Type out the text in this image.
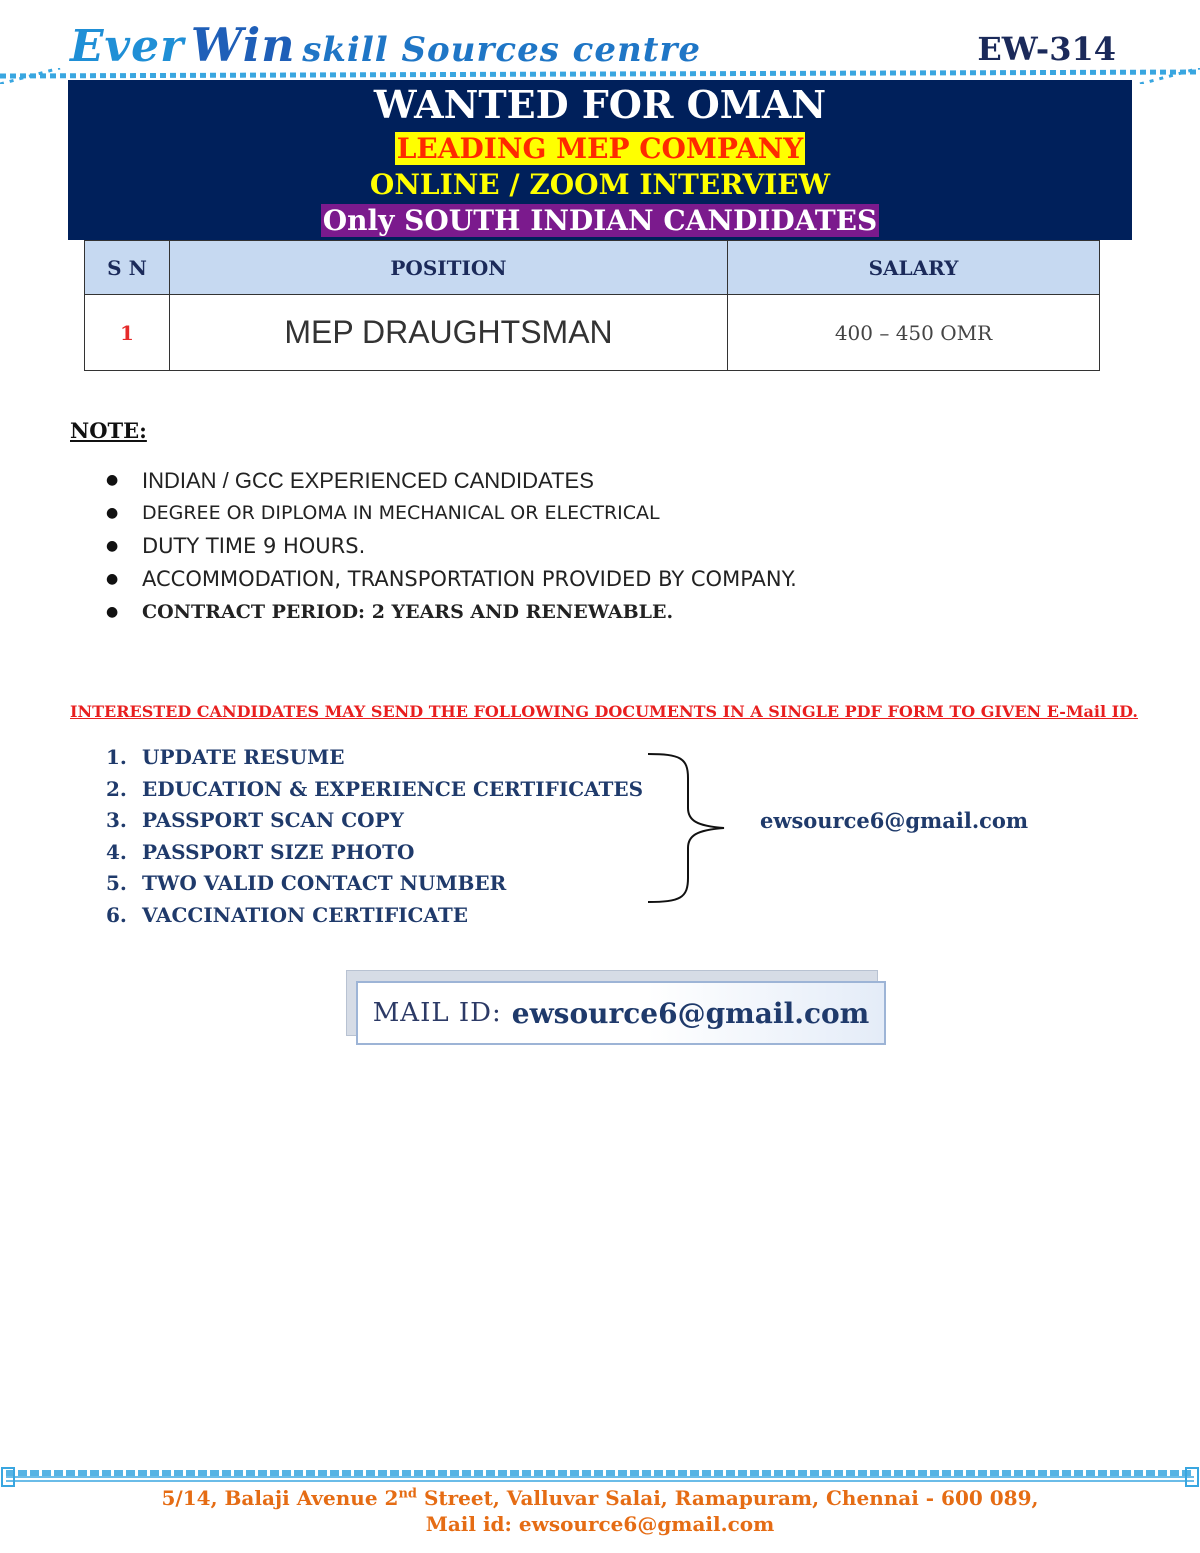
Ever Win skill Sources centre	EW-314
WANTED FOR OMAN
LEADING MEP COMPANY
ONLINE / ZOOM INTERVIEW
Only SOUTH INDIAN CANDIDATES
S N	POSITION	SALARY
1	MEP DRAUGHTSMAN	400 – 450 OMR
NOTE:
● INDIAN / GCC EXPERIENCED CANDIDATES
● DEGREE OR DIPLOMA IN MECHANICAL OR ELECTRICAL
● DUTY TIME 9 HOURS.
● ACCOMMODATION, TRANSPORTATION PROVIDED BY COMPANY.
● CONTRACT PERIOD: 2 YEARS AND RENEWABLE.
INTERESTED CANDIDATES MAY SEND THE FOLLOWING DOCUMENTS IN A SINGLE PDF FORM TO GIVEN E-Mail ID.
1. UPDATE RESUME
2. EDUCATION & EXPERIENCE CERTIFICATES
3. PASSPORT SCAN COPY
4. PASSPORT SIZE PHOTO
5. TWO VALID CONTACT NUMBER
6. VACCINATION CERTIFICATE
ewsource6@gmail.com
MAIL ID: ewsource6@gmail.com
5/14, Balaji Avenue 2nd Street, Valluvar Salai, Ramapuram, Chennai - 600 089,
Mail id: ewsource6@gmail.com
